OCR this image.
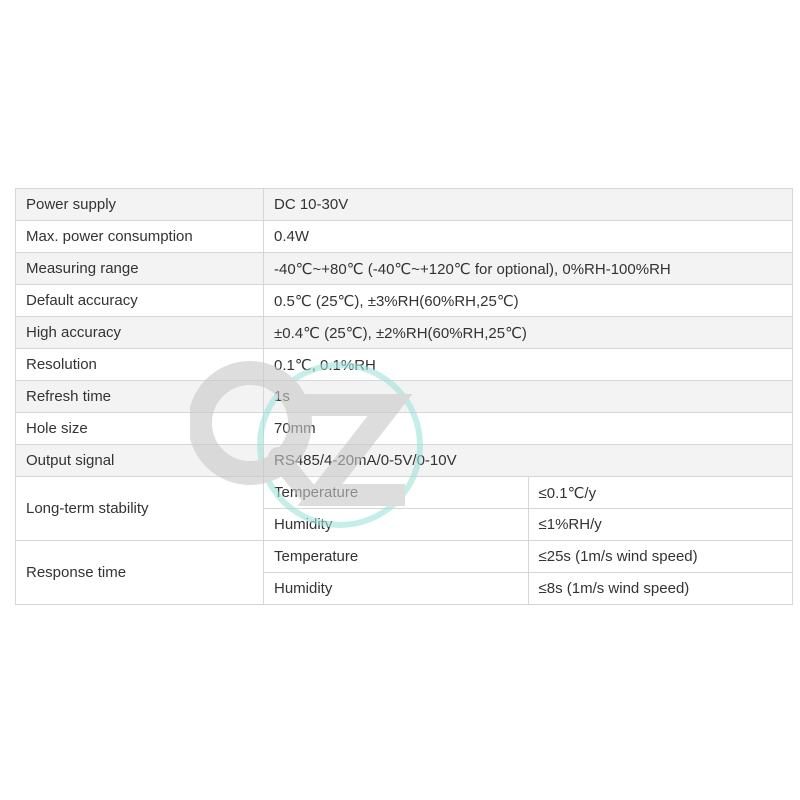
Power supply	DC 10-30V	
Max. power consumption	0.4W	
Measuring range	-40℃~+80℃ (-40℃~+120℃ for optional), 0%RH-100%RH	
Default accuracy	0.5℃ (25℃), ±3%RH(60%RH,25℃)	
High accuracy	±0.4℃ (25℃), ±2%RH(60%RH,25℃)	
Resolution	0.1℃, 0.1%RH	
Refresh time	1s	
Hole size	70mm	
Output signal	RS485/4-20mA/0-5V/0-10V	
Long-term stability	Temperature	≤0.1℃/y
	Humidity	≤1%RH/y
Response time	Temperature	≤25s (1m/s wind speed)
	Humidity	≤8s (1m/s wind speed)
